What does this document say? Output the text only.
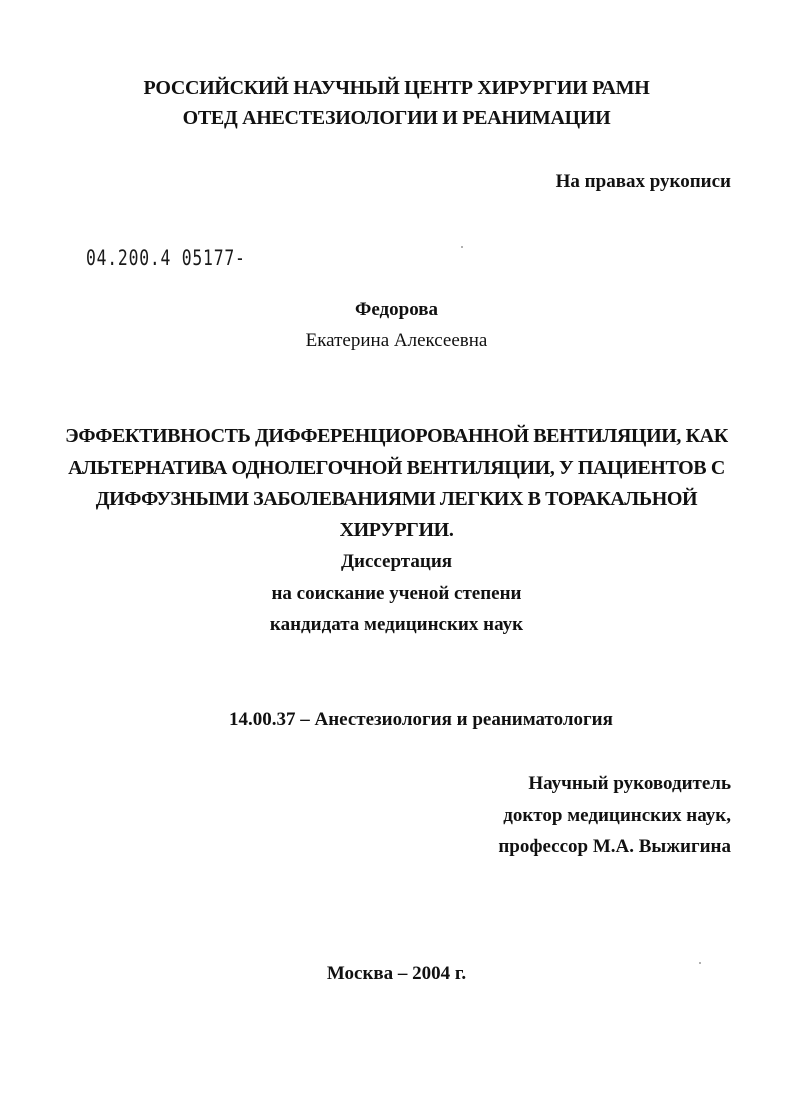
РОССИЙСКИЙ НАУЧНЫЙ ЦЕНТР ХИРУРГИИ РАМН
ОТЕД АНЕСТЕЗИОЛОГИИ И РЕАНИМАЦИИ
На правах рукописи
04.200.4 05177-
Федорова
Екатерина Алексеевна
ЭФФЕКТИВНОСТЬ ДИФФЕРЕНЦИОРОВАННОЙ ВЕНТИЛЯЦИИ, КАК
АЛЬТЕРНАТИВА ОДНОЛЕГОЧНОЙ ВЕНТИЛЯЦИИ, У ПАЦИЕНТОВ С
ДИФФУЗНЫМИ ЗАБОЛЕВАНИЯМИ ЛЕГКИХ В ТОРАКАЛЬНОЙ
ХИРУРГИИ.
Диссертация
на соискание ученой степени
кандидата медицинских наук
14.00.37 – Анестезиология и реаниматология
Научный руководитель
доктор медицинских наук,
профессор М.А. Выжигина
Москва – 2004 г.
